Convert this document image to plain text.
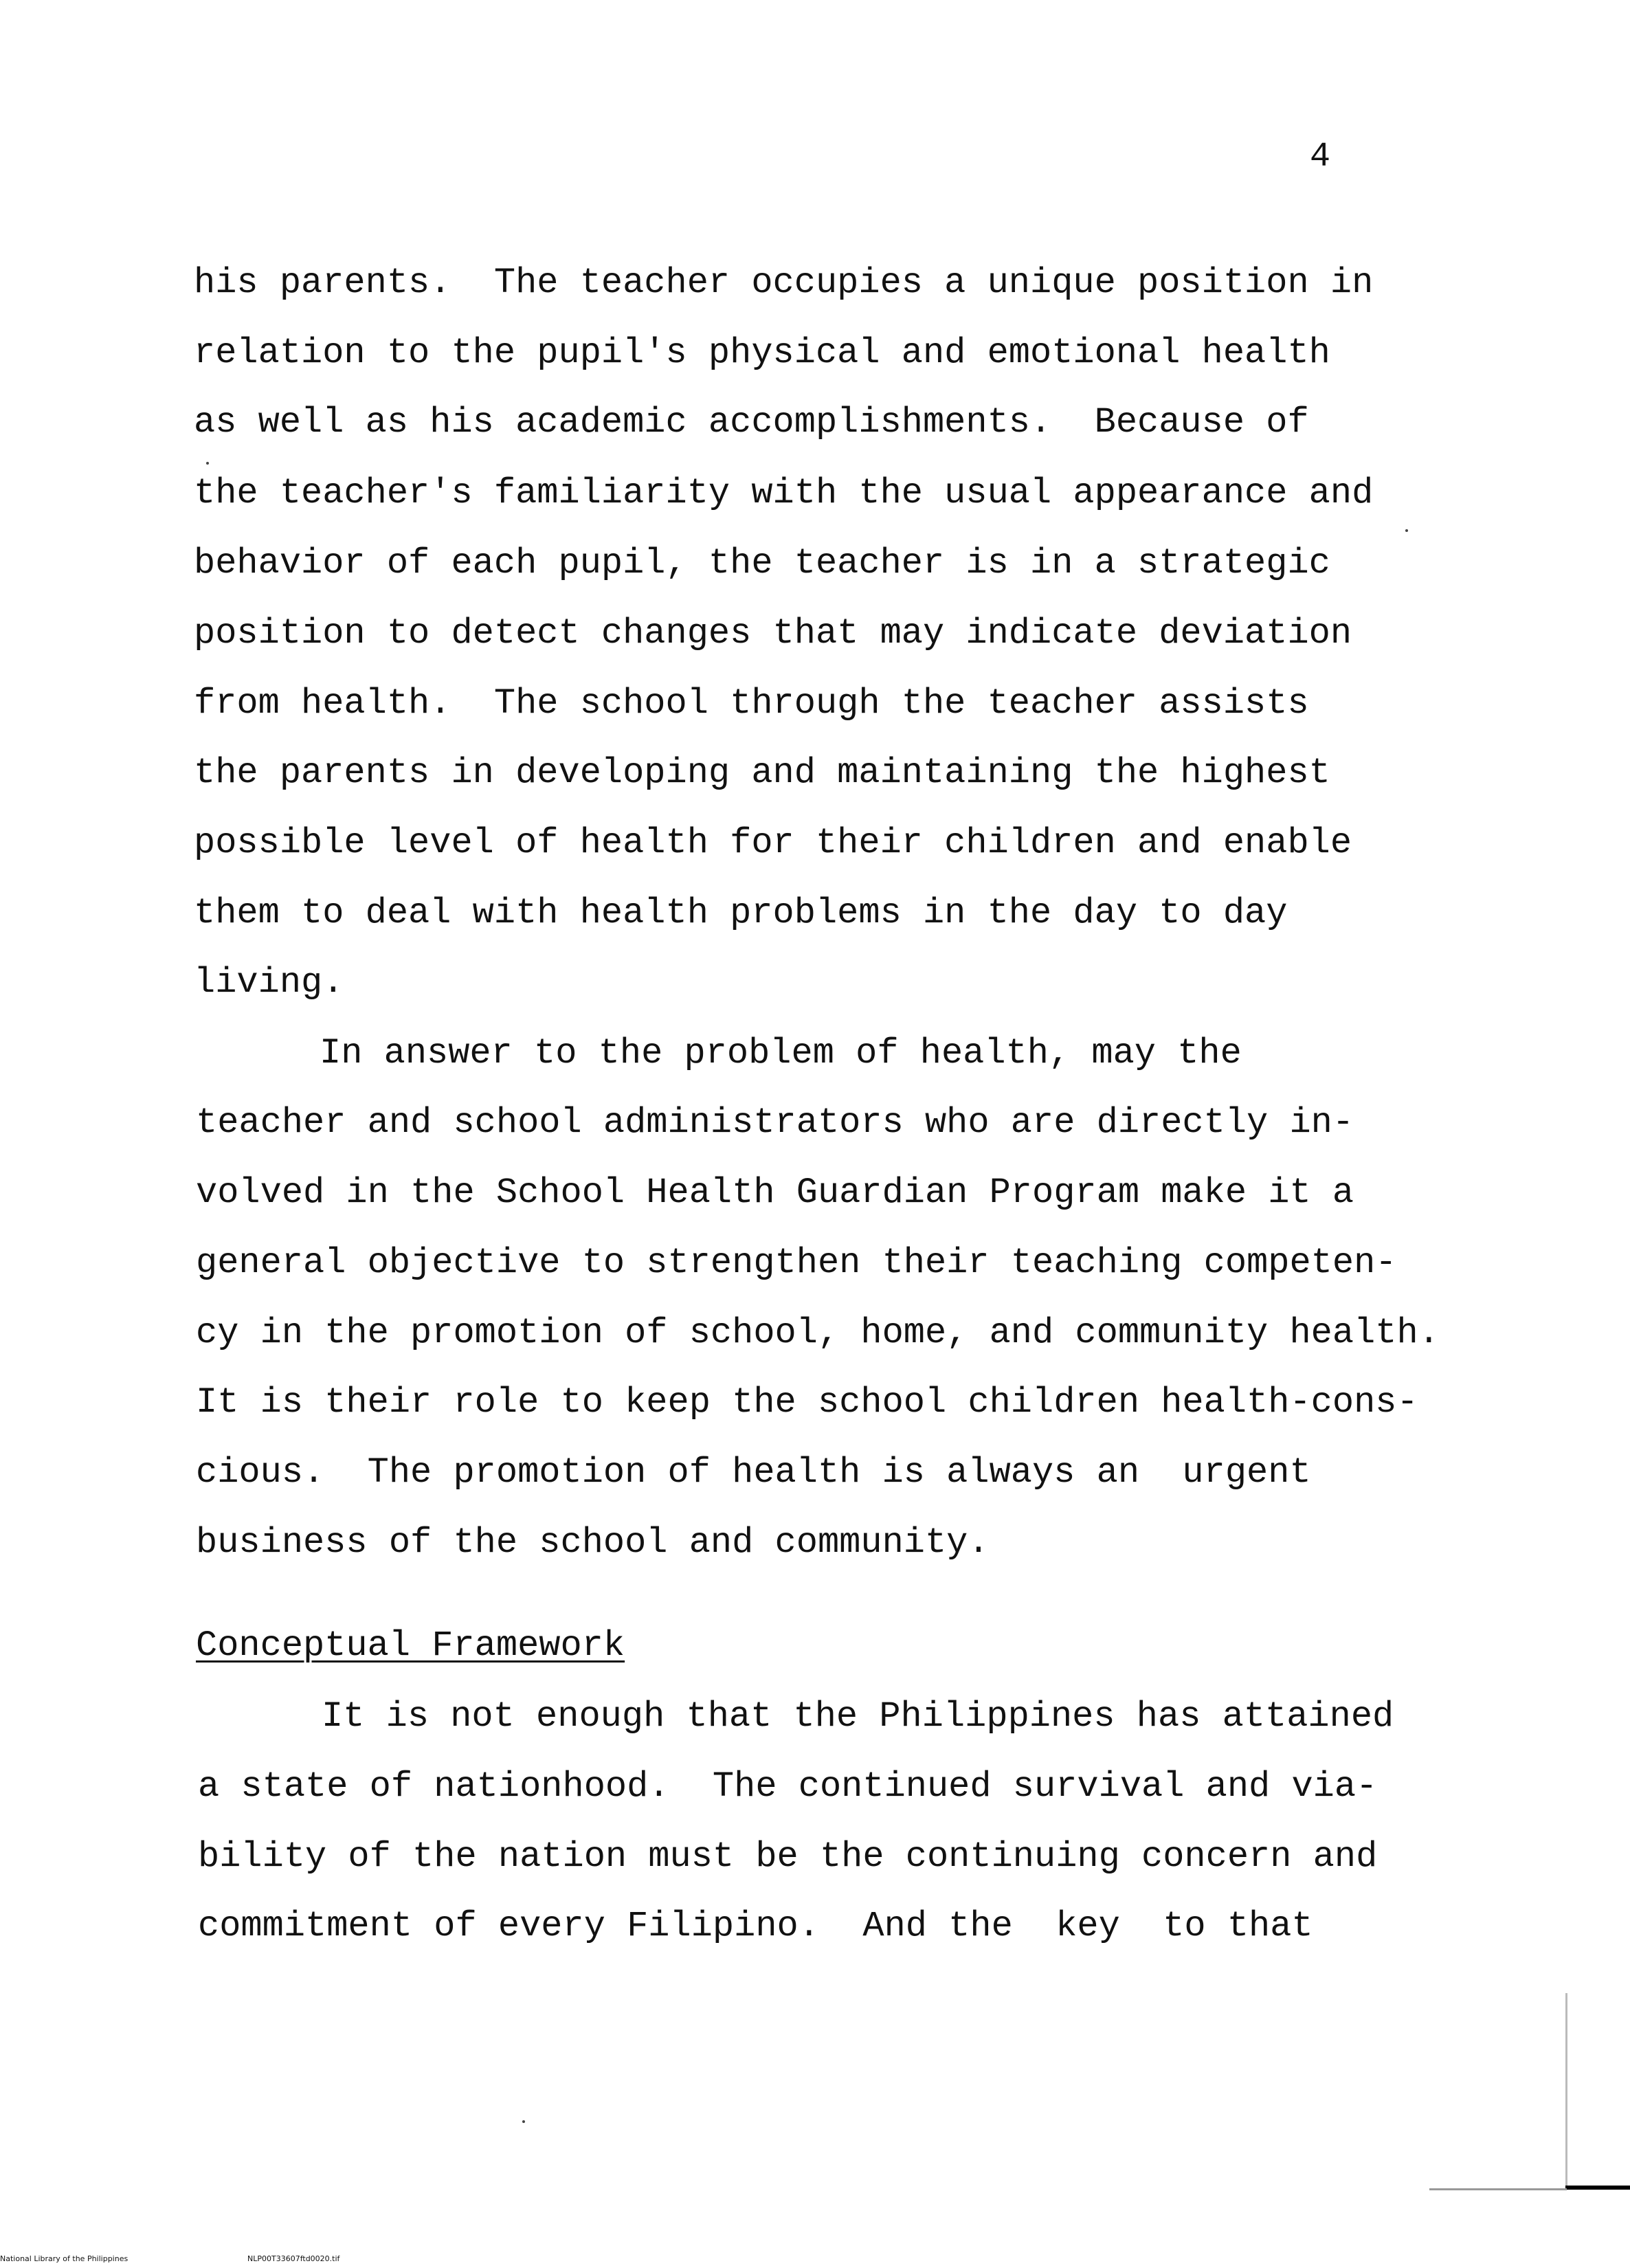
4
his parents.  The teacher occupies a unique position in
relation to the pupil's physical and emotional health
as well as his academic accomplishments.  Because of
the teacher's familiarity with the usual appearance and
behavior of each pupil, the teacher is in a strategic
position to detect changes that may indicate deviation
from health.  The school through the teacher assists
the parents in developing and maintaining the highest
possible level of health for their children and enable
them to deal with health problems in the day to day
living.
In answer to the problem of health, may the
teacher and school administrators who are directly in-
volved in the School Health Guardian Program make it a
general objective to strengthen their teaching competen-
cy in the promotion of school, home, and community health.
It is their role to keep the school children health-cons-
cious.  The promotion of health is always an  urgent
business of the school and community.
Conceptual Framework
It is not enough that the Philippines has attained
a state of nationhood.  The continued survival and via-
bility of the nation must be the continuing concern and
commitment of every Filipino.  And the  key  to that
National Library of the Philippines	NLP00T33607ftd0020.tif
